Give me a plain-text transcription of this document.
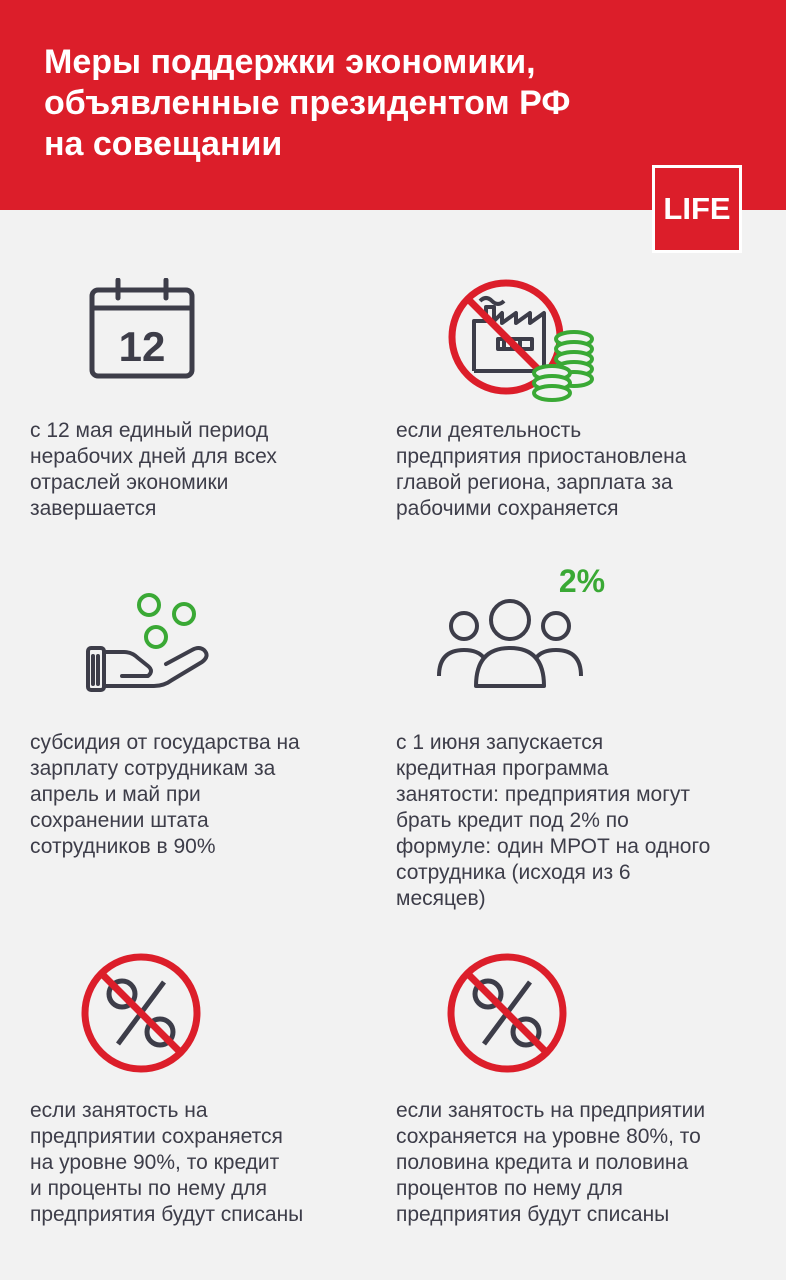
Меры поддержки экономики,
объявленные президентом РФ
на совещании
LIFE
12

с 12 мая единый период
нерабочих дней для всех
отраслей экономики
завершается

если деятельность
предприятия приостановлена
главой региона, зарплата за
рабочими сохраняется

субсидия от государства на
зарплату сотрудникам за
апрель и май при
сохранении штата
сотрудников в 90%

2%

с 1 июня запускается
кредитная программа
занятости: предприятия могут
брать кредит под 2% по
формуле: один МРОТ на одного
сотрудника (исходя из 6
месяцев)

если занятость на
предприятии сохраняется
на уровне 90%, то кредит
и проценты по нему для
предприятия будут списаны

если занятость на предприятии
сохраняется на уровне 80%, то
половина кредита и половина
процентов по нему для
предприятия будут списаны
